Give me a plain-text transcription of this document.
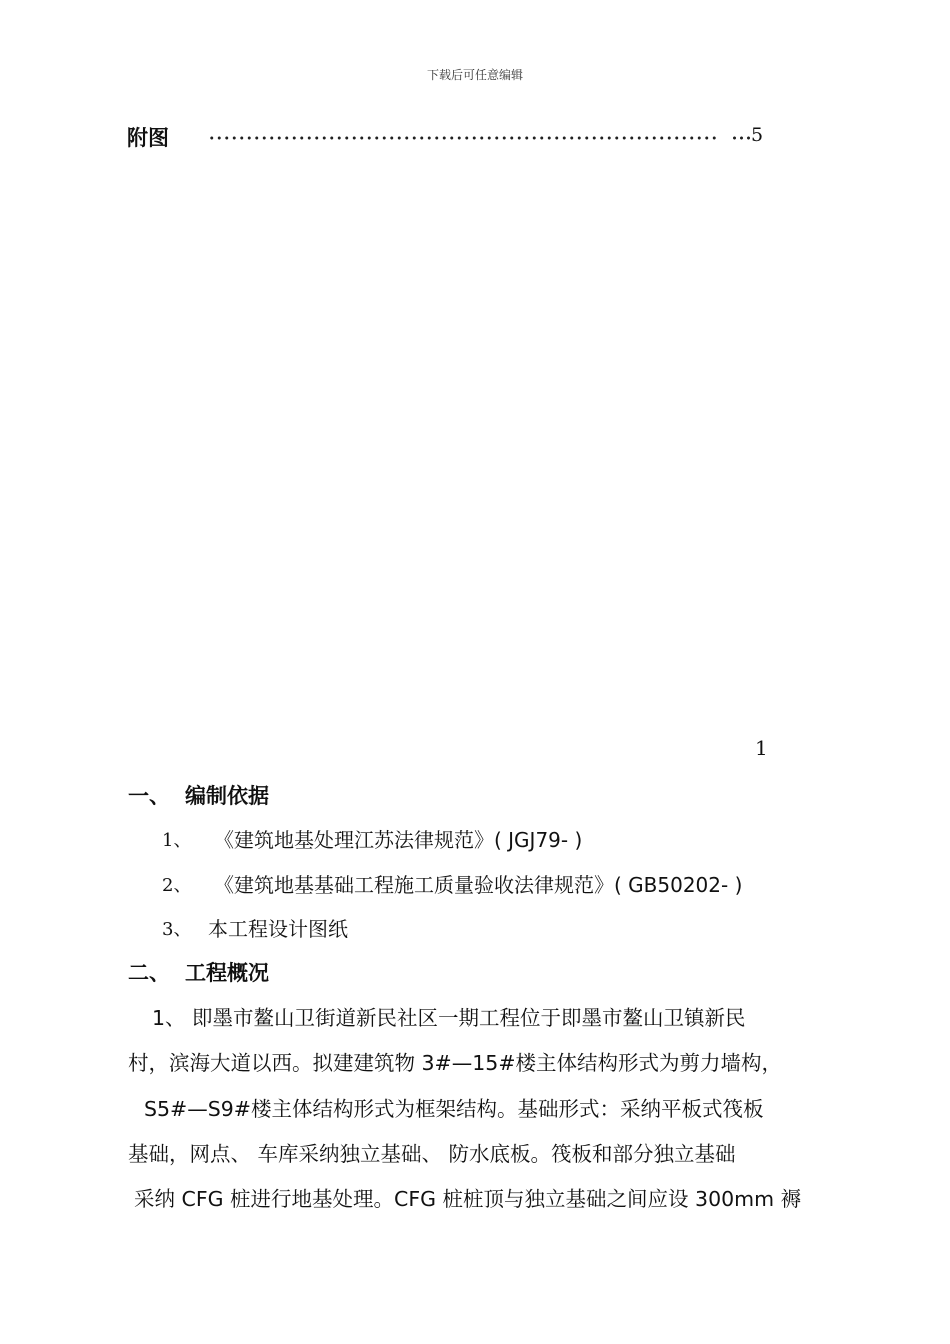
下载后可任意编辑
附图	5
1
一、 编制依据
1、 《建筑地基处理江苏法律规范》( JGJ79- )
2、 《建筑地基基础工程施工质量验收法律规范》( GB50202- )
3、 本工程设计图纸
二、 工程概况
1、 即墨市鳌山卫街道新民社区一期工程位于即墨市鳌山卫镇新民
村，滨海大道以西。拟建建筑物 3#—15#楼主体结构形式为剪力墙构，
S5#—S9#楼主体结构形式为框架结构。基础形式：采纳平板式筏板
基础，网点、 车库采纳独立基础、 防水底板。筏板和部分独立基础
采纳 CFG 桩进行地基处理。CFG 桩桩顶与独立基础之间应设 300mm 褥
